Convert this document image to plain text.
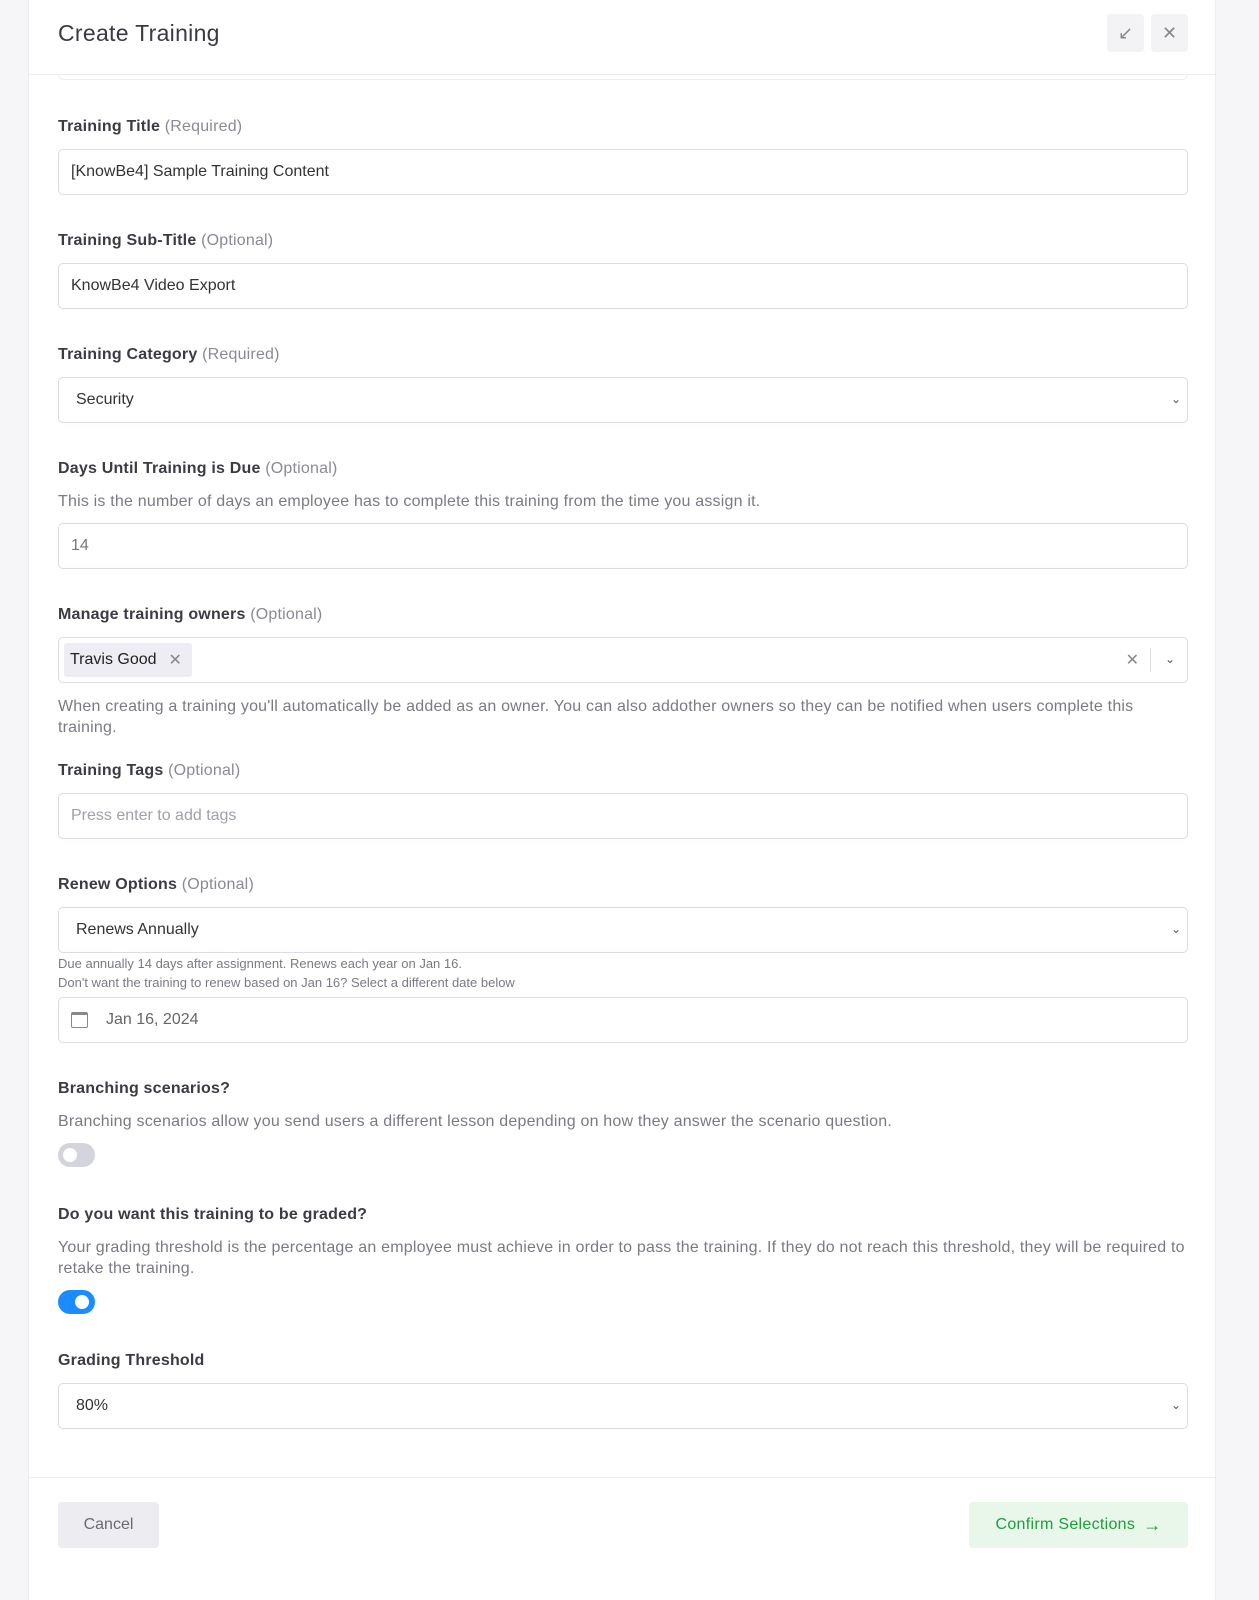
Create Training	↙ ✕
Training Title (Required)
[KnowBe4] Sample Training Content
Training Sub-Title (Optional)
KnowBe4 Video Export
Training Category (Required)
Security	⌄
Days Until Training is Due (Optional)
This is the number of days an employee has to complete this training from the time you assign it.
14
Manage training owners (Optional)
Travis Good ✕	✕ ⌄
When creating a training you'll automatically be added as an owner. You can also addother owners so they can be notified when users complete this training.
Training Tags (Optional)
Press enter to add tags
Renew Options (Optional)
Renews Annually	⌄
Due annually 14 days after assignment. Renews each year on Jan 16.
Don't want the training to renew based on Jan 16? Select a different date below
Jan 16, 2024
Branching scenarios?
Branching scenarios allow you send users a different lesson depending on how they answer the scenario question.
Do you want this training to be graded?
Your grading threshold is the percentage an employee must achieve in order to pass the training. If they do not reach this threshold, they will be required to retake the training.
Grading Threshold
80%	⌄
Cancel	Confirm Selections →
